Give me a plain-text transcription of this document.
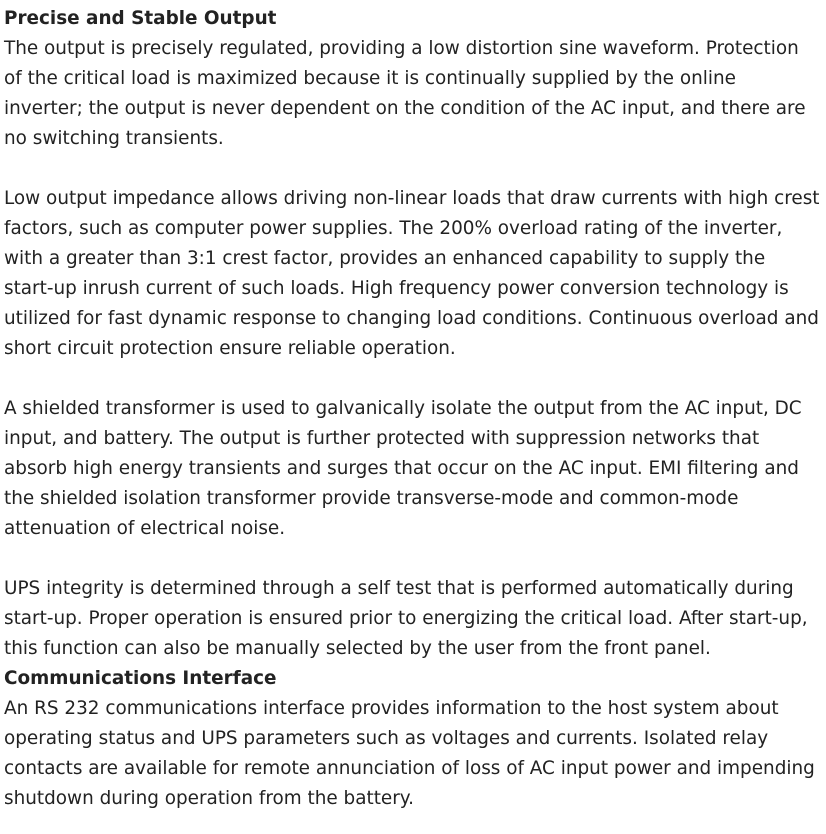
Precise and Stable Output

The output is precisely regulated, providing a low distortion sine waveform. Protection of the critical load is maximized because it is continually supplied by the online inverter; the output is never dependent on the condition of the AC input, and there are no switching transients.

Low output impedance allows driving non-linear loads that draw currents with high crest factors, such as computer power supplies. The 200% overload rating of the inverter, with a greater than 3:1 crest factor, provides an enhanced capability to supply the start-up inrush current of such loads. High frequency power conversion technology is utilized for fast dynamic response to changing load conditions. Continuous overload and short circuit protection ensure reliable operation.

A shielded transformer is used to galvanically isolate the output from the AC input, DC input, and battery. The output is further protected with suppression networks that absorb high energy transients and surges that occur on the AC input. EMI filtering and the shielded isolation transformer provide transverse-mode and common-mode attenuation of electrical noise.

UPS integrity is determined through a self test that is performed automatically during start-up. Proper operation is ensured prior to energizing the critical load. After start-up, this function can also be manually selected by the user from the front panel.

Communications Interface

An RS 232 communications interface provides information to the host system about operating status and UPS parameters such as voltages and currents. Isolated relay contacts are available for remote annunciation of loss of AC input power and impending shutdown during operation from the battery.
